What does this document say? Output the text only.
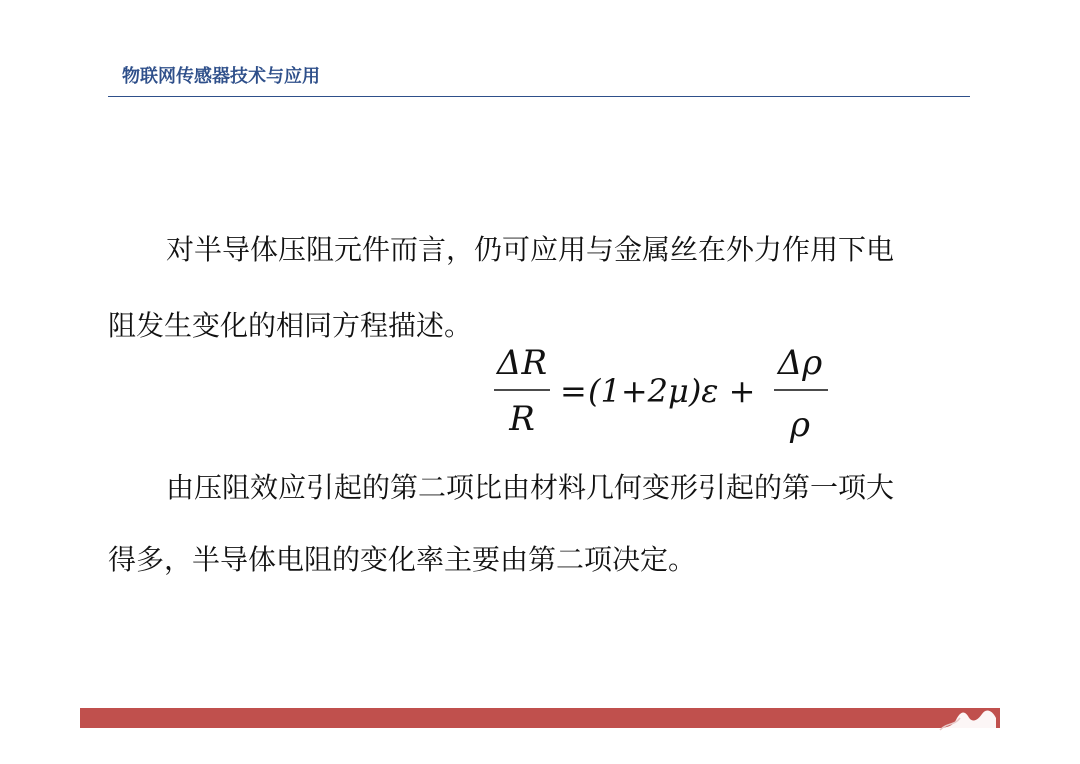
物联网传感器技术与应用
对半导体压阻元件而言，仍可应用与金属丝在外力作用下电
阻发生变化的相同方程描述。
ΔR
R
= (1+2μ)ε +
Δρ
ρ
由压阻效应引起的第二项比由材料几何变形引起的第一项大
得多，半导体电阻的变化率主要由第二项决定。
